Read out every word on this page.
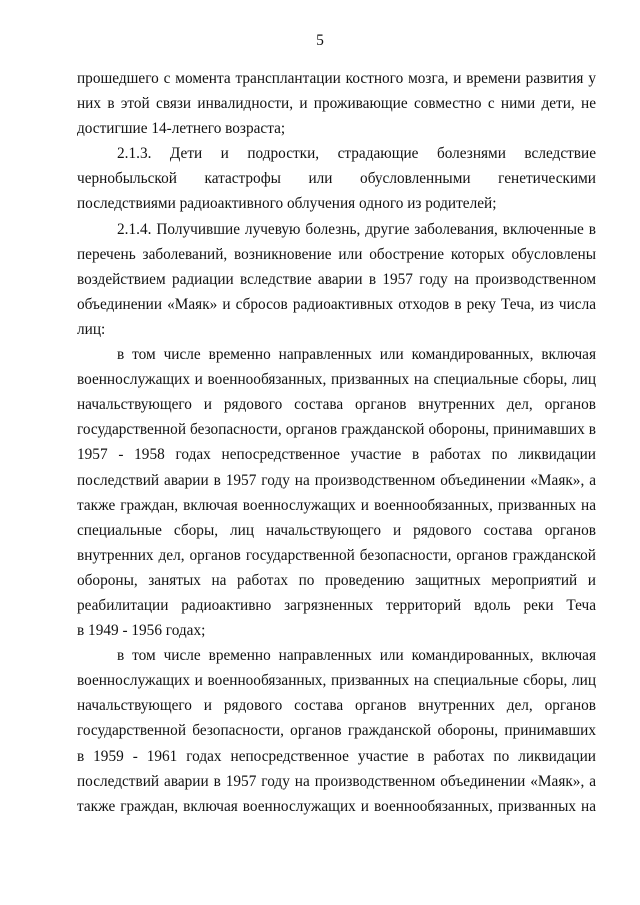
5
прошедшего с момента трансплантации костного мозга, и времени развития у
них в этой связи инвалидности, и проживающие совместно с ними дети, не
достигшие 14-летнего возраста;
2.1.3. Дети и подростки, страдающие болезнями вследствие
чернобыльской катастрофы или обусловленными генетическими
последствиями радиоактивного облучения одного из родителей;
2.1.4. Получившие лучевую болезнь, другие заболевания, включенные в
перечень заболеваний, возникновение или обострение которых обусловлены
воздействием радиации вследствие аварии в 1957 году на производственном
объединении «Маяк» и сбросов радиоактивных отходов в реку Теча, из числа
лиц:
в том числе временно направленных или командированных, включая
военнослужащих и военнообязанных, призванных на специальные сборы, лиц
начальствующего и рядового состава органов внутренних дел, органов
государственной безопасности, органов гражданской обороны, принимавших в
1957 - 1958 годах непосредственное участие в работах по ликвидации
последствий аварии в 1957 году на производственном объединении «Маяк», а
также граждан, включая военнослужащих и военнообязанных, призванных на
специальные сборы, лиц начальствующего и рядового состава органов
внутренних дел, органов государственной безопасности, органов гражданской
обороны, занятых на работах по проведению защитных мероприятий и
реабилитации радиоактивно загрязненных территорий вдоль реки Теча
в 1949 - 1956 годах;
в том числе временно направленных или командированных, включая
военнослужащих и военнообязанных, призванных на специальные сборы, лиц
начальствующего и рядового состава органов внутренних дел, органов
государственной безопасности, органов гражданской обороны, принимавших
в 1959 - 1961 годах непосредственное участие в работах по ликвидации
последствий аварии в 1957 году на производственном объединении «Маяк», а
также граждан, включая военнослужащих и военнообязанных, призванных на
